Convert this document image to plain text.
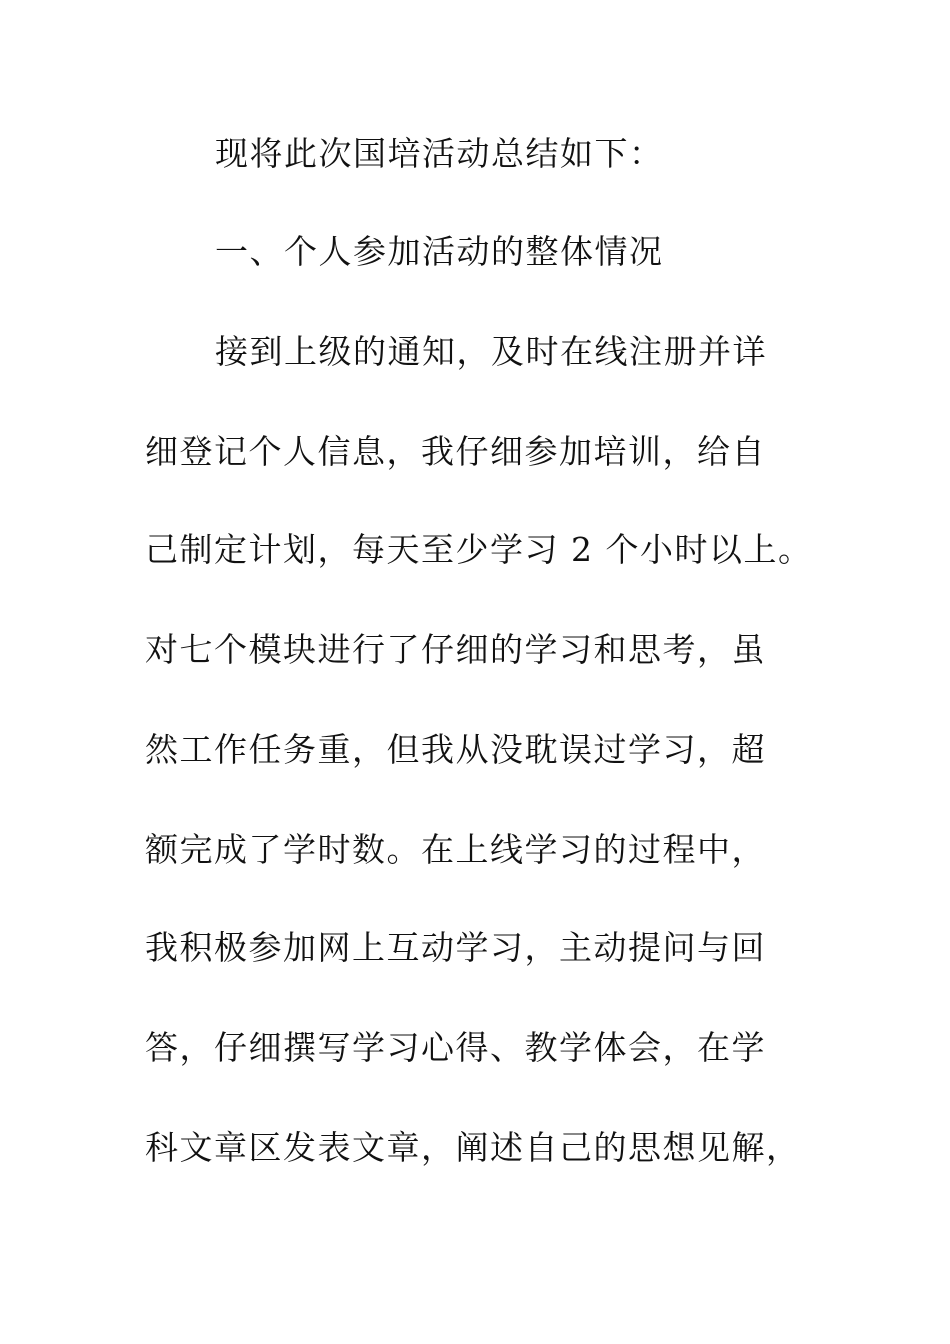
现将此次国培活动总结如下：
一、个人参加活动的整体情况
接到上级的通知，及时在线注册并详
细登记个人信息，我仔细参加培训，给自
己制定计划，每天至少学习 2 个小时以上。
对七个模块进行了仔细的学习和思考，虽
然工作任务重，但我从没耽误过学习，超
额完成了学时数。在上线学习的过程中，
我积极参加网上互动学习，主动提问与回
答，仔细撰写学习心得、教学体会，在学
科文章区发表文章，阐述自己的思想见解，
